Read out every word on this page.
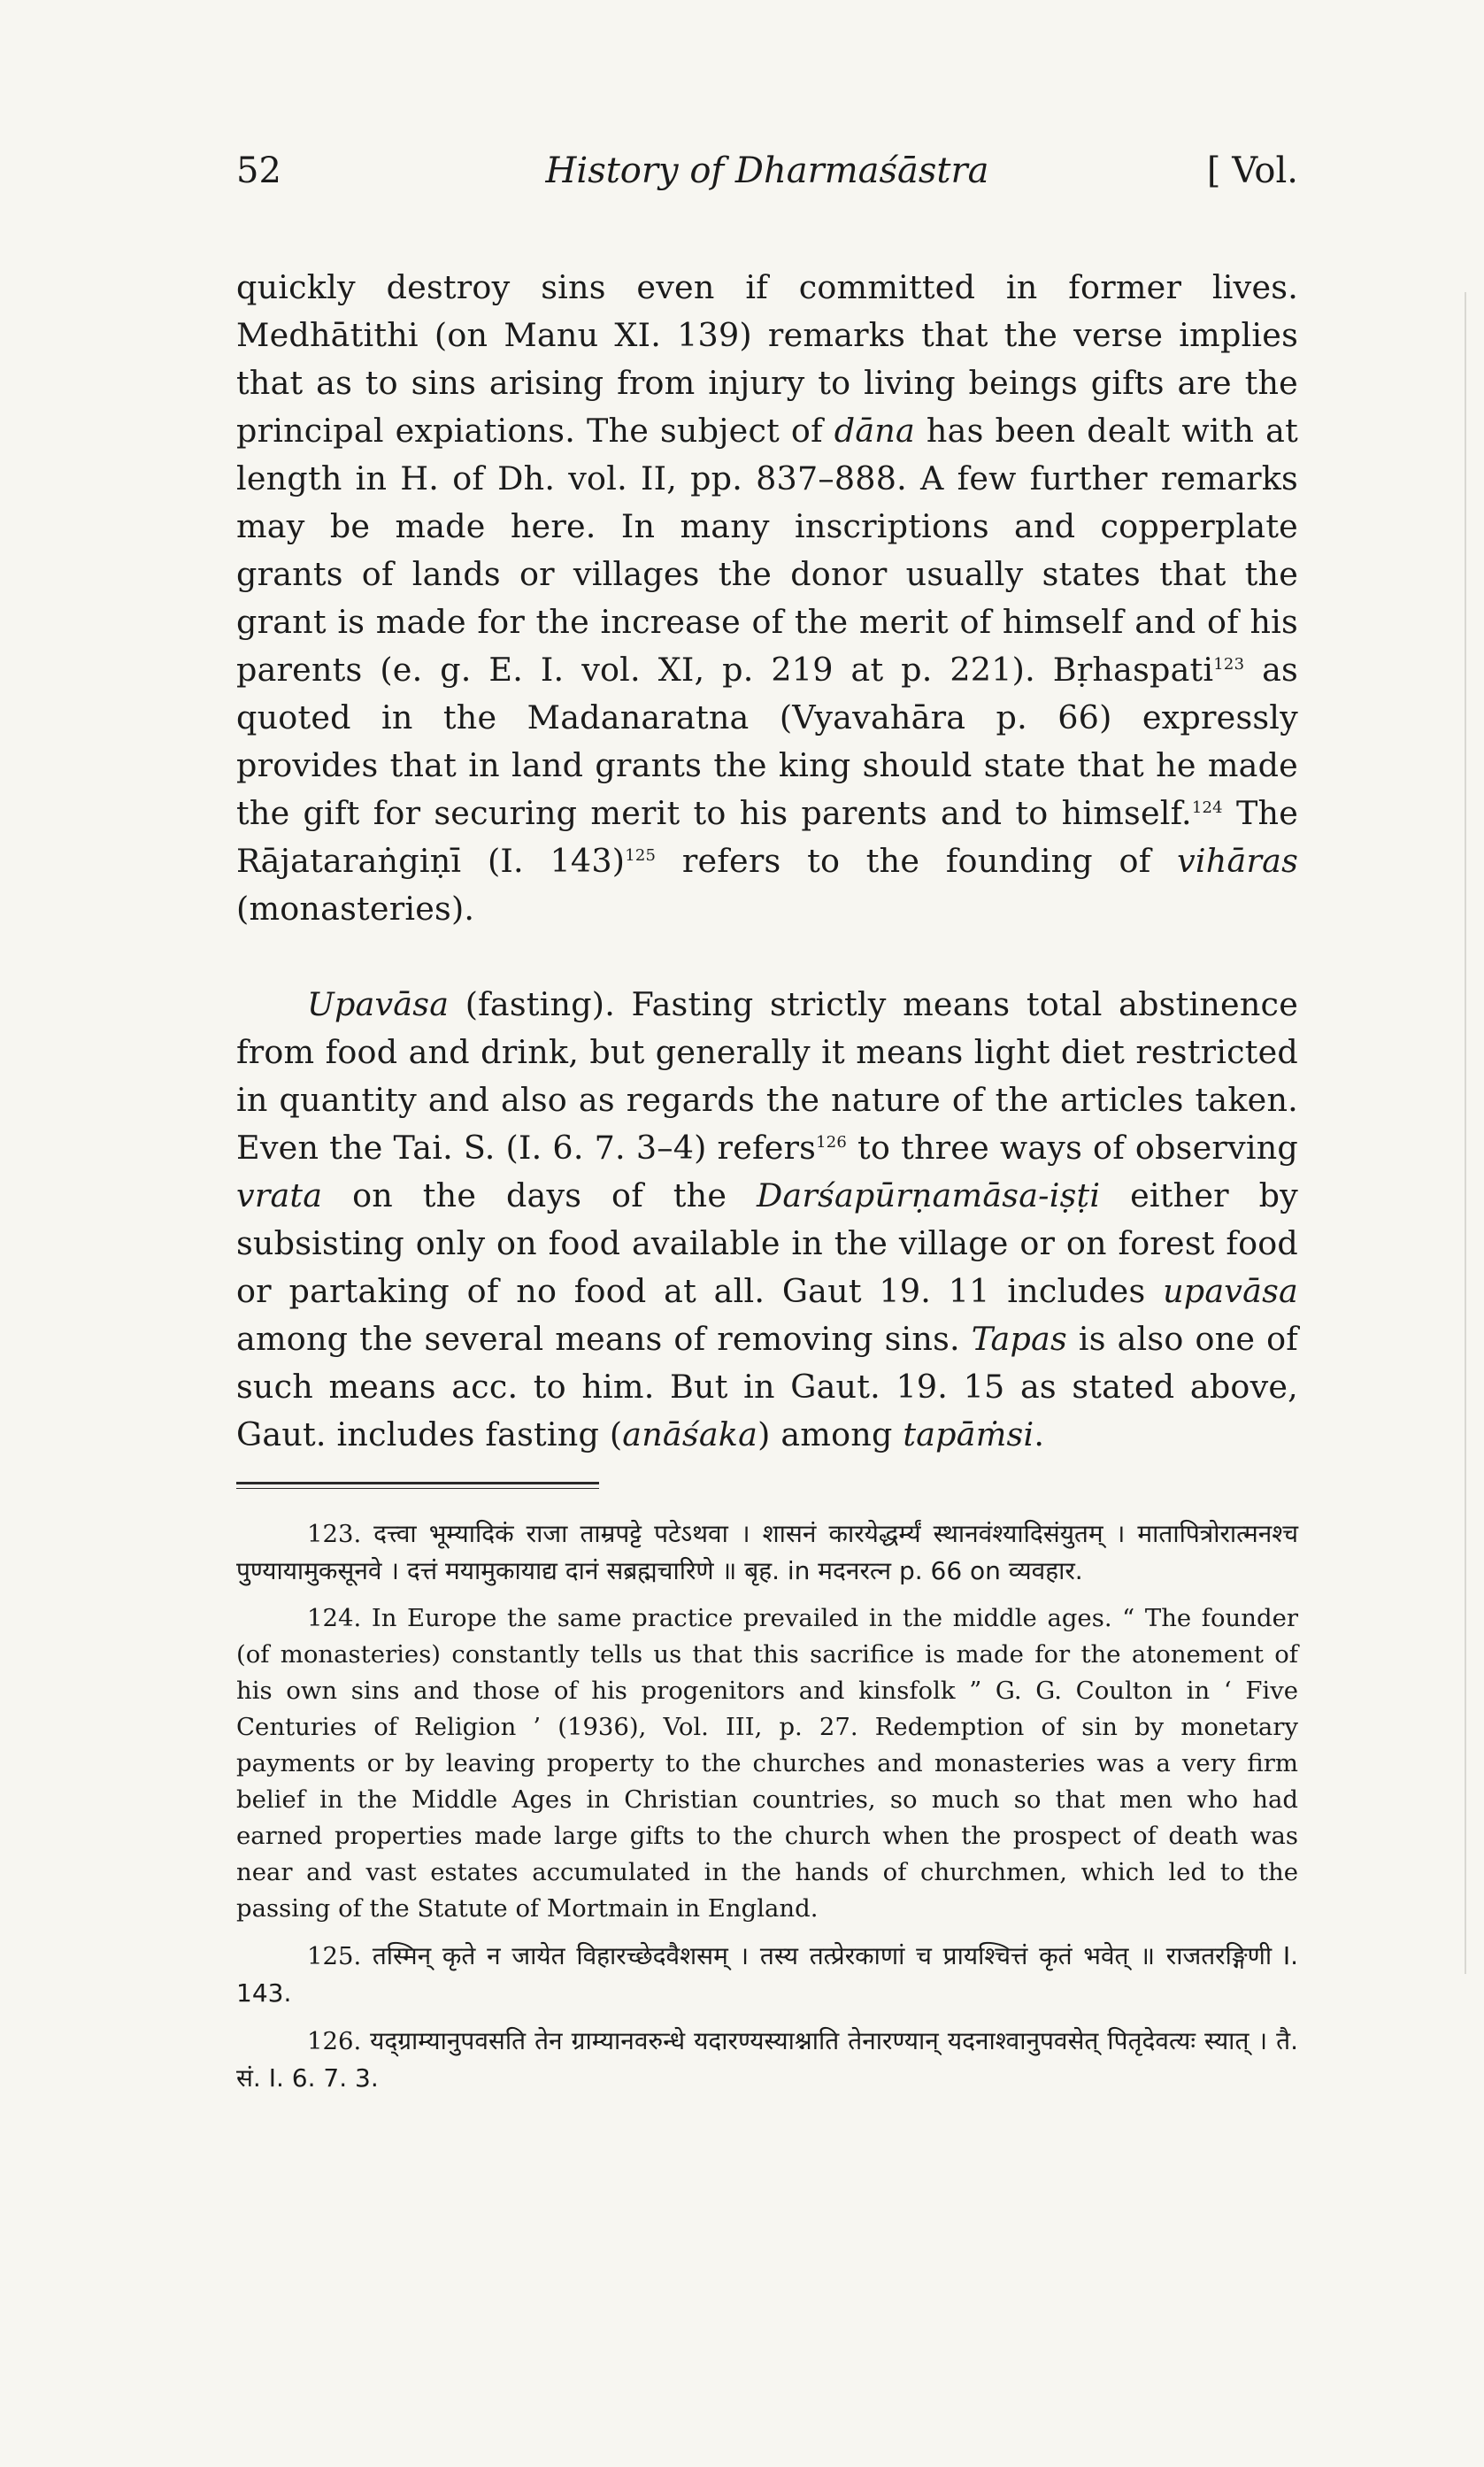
52	History of Dharmaśāstra	[ Vol.

quickly destroy sins even if committed in former lives. Medhātithi (on Manu XI. 139) remarks that the verse implies that as to sins arising from injury to living beings gifts are the principal expiations. The subject of dāna has been dealt with at length in H. of Dh. vol. II, pp. 837–888. A few further remarks may be made here. In many inscriptions and copperplate grants of lands or villages the donor usually states that the grant is made for the increase of the merit of himself and of his parents (e. g. E. I. vol. XI, p. 219 at p. 221). Bṛhaspati$^{123}$ as quoted in the Madanaratna (Vyavahāra p. 66) expressly provides that in land grants the king should state that he made the gift for securing merit to his parents and to himself.$^{124}$ The Rājataraṅgiṇī (I. 143)$^{125}$ refers to the founding of vihāras (monasteries).

Upavāsa (fasting). Fasting strictly means total abstinence from food and drink, but generally it means light diet restricted in quantity and also as regards the nature of the articles taken. Even the Tai. S. (I. 6. 7. 3–4) refers$^{126}$ to three ways of observing vrata on the days of the Darśapūrṇamāsa-iṣṭi either by subsisting only on food available in the village or on forest food or partaking of no food at all. Gaut 19. 11 includes upavāsa among the several means of removing sins. Tapas is also one of such means acc. to him. But in Gaut. 19. 15 as stated above, Gaut. includes fasting (anāśaka) among tapāṁsi.

123. दत्त्वा भूम्यादिकं राजा ताम्रपट्टे पटेऽथवा । शासनं कारयेद्धर्म्यं स्थानवंश्यादिसंयुतम् । मातापित्रोरात्मनश्च पुण्यायामुकसूनवे । दत्तं मयामुकायाद्य दानं सब्रह्मचारिणे ॥ बृह. in मदनरत्न p. 66 on व्यवहार.

124. In Europe the same practice prevailed in the middle ages. “ The founder (of monasteries) constantly tells us that this sacrifice is made for the atonement of his own sins and those of his progenitors and kinsfolk ” G. G. Coulton in ‘ Five Centuries of Religion ’ (1936), Vol. III, p. 27. Redemption of sin by monetary payments or by leaving property to the churches and monasteries was a very firm belief in the Middle Ages in Christian countries, so much so that men who had earned properties made large gifts to the church when the prospect of death was near and vast estates accumulated in the hands of churchmen, which led to the passing of the Statute of Mortmain in England.

125. तस्मिन् कृते न जायेत विहारच्छेदवैशसम् । तस्य तत्प्रेरकाणां च प्रायश्चित्तं कृतं भवेत् ॥ राजतरङ्गिणी I. 143.

126. यद्ग्राम्यानुपवसति तेन ग्राम्यानवरुन्धे यदारण्यस्याश्नाति तेनारण्यान् यदनाश्वानुपवसेत् पितृदेवत्यः स्यात् । तै. सं. I. 6. 7. 3.
